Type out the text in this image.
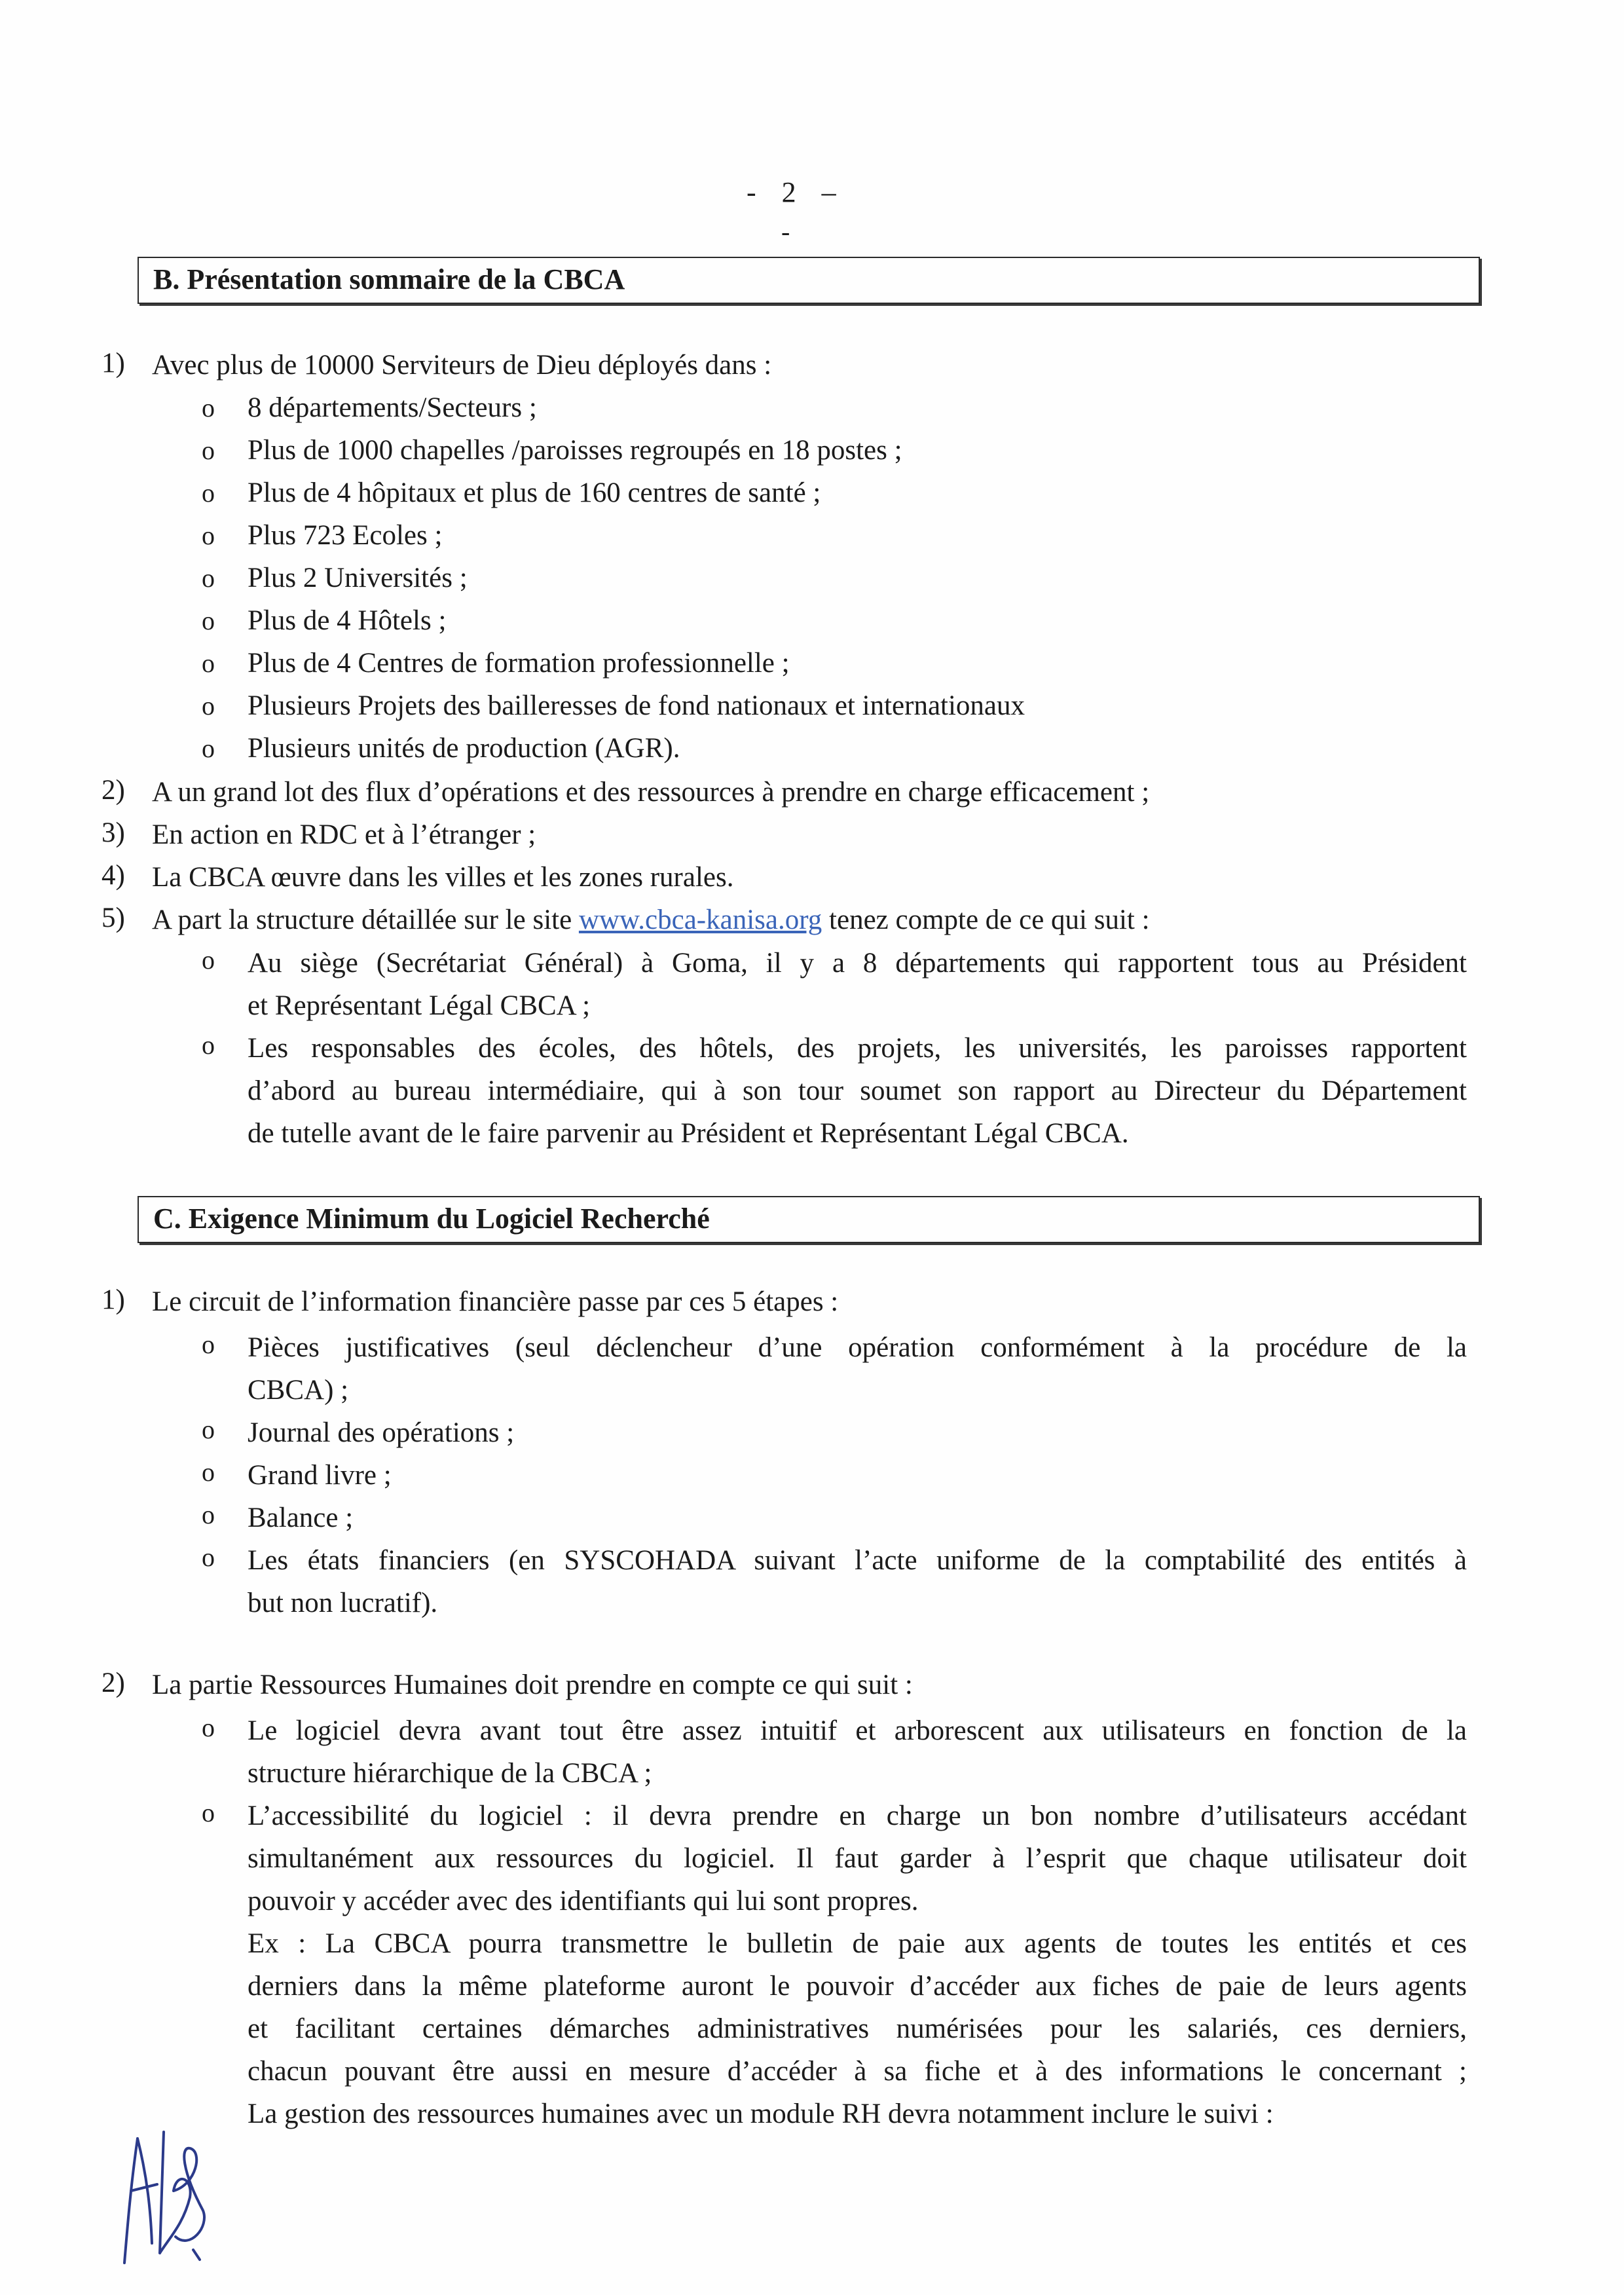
- 2 –
-
B. Présentation sommaire de la CBCA
1) Avec plus de 10000 Serviteurs de Dieu déployés dans :
o 8 départements/Secteurs ;
o Plus de 1000 chapelles /paroisses regroupés en 18 postes ;
o Plus de 4 hôpitaux et plus de 160 centres de santé ;
o Plus 723 Ecoles ;
o Plus 2 Universités ;
o Plus de 4 Hôtels ;
o Plus de 4 Centres de formation professionnelle ;
o Plusieurs Projets des bailleresses de fond nationaux et internationaux
o Plusieurs unités de production (AGR).
2) A un grand lot des flux d’opérations et des ressources à prendre en charge efficacement ;
3) En action en RDC et à l’étranger ;
4) La CBCA œuvre dans les villes et les zones rurales.
5) A part la structure détaillée sur le site www.cbca-kanisa.org tenez compte de ce qui suit :
o Au siège (Secrétariat Général) à Goma, il y a 8 départements qui rapportent tous au Président
et Représentant Légal CBCA ;
o Les responsables des écoles, des hôtels, des projets, les universités, les paroisses rapportent
d’abord au bureau intermédiaire, qui à son tour soumet son rapport au Directeur du Département
de tutelle avant de le faire parvenir au Président et Représentant Légal CBCA.
C. Exigence Minimum du Logiciel Recherché
1) Le circuit de l’information financière passe par ces 5 étapes :
o Pièces justificatives (seul déclencheur d’une opération conformément à la procédure de la
CBCA) ;
o Journal des opérations ;
o Grand livre ;
o Balance ;
o Les états financiers (en SYSCOHADA suivant l’acte uniforme de la comptabilité des entités à
but non lucratif).
2) La partie Ressources Humaines doit prendre en compte ce qui suit :
o Le logiciel devra avant tout être assez intuitif et arborescent aux utilisateurs en fonction de la
structure hiérarchique de la CBCA ;
o L’accessibilité du logiciel : il devra prendre en charge un bon nombre d’utilisateurs accédant
simultanément aux ressources du logiciel. Il faut garder à l’esprit que chaque utilisateur doit
pouvoir y accéder avec des identifiants qui lui sont propres.
Ex : La CBCA pourra transmettre le bulletin de paie aux agents de toutes les entités et ces
derniers dans la même plateforme auront le pouvoir d’accéder aux fiches de paie de leurs agents
et facilitant certaines démarches administratives numérisées pour les salariés, ces derniers,
chacun pouvant être aussi en mesure d’accéder à sa fiche et à des informations le concernant ;
La gestion des ressources humaines avec un module RH devra notamment inclure le suivi :
